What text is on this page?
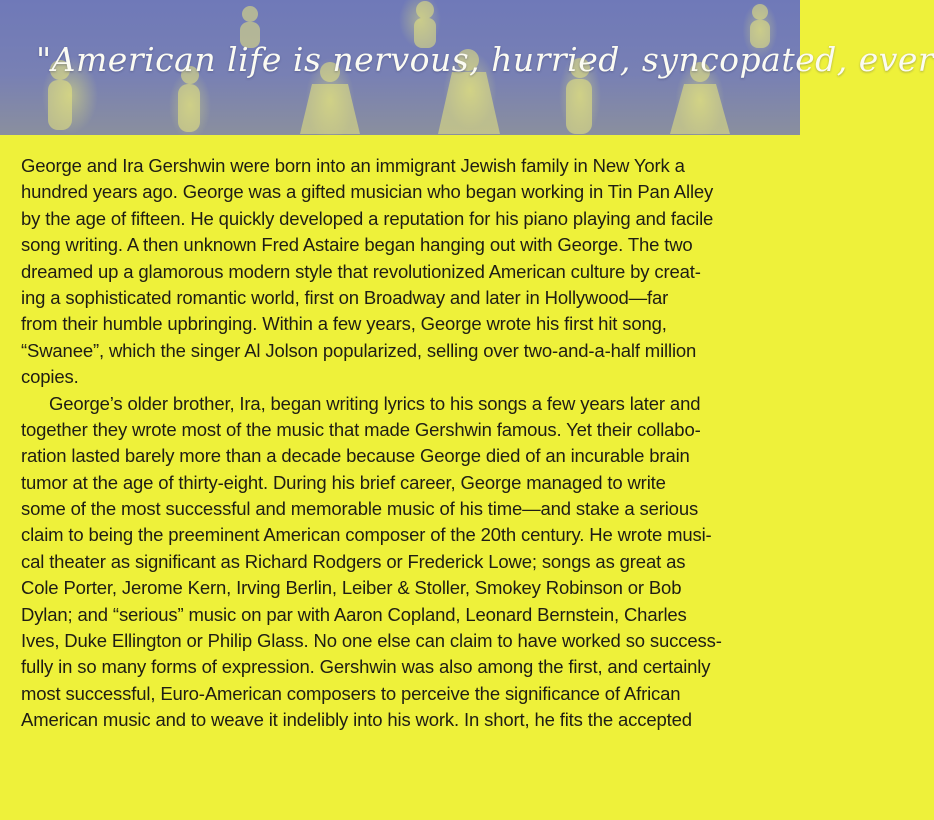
"American life is nervous, hurried, syncopated, ever
George and Ira Gershwin were born into an immigrant Jewish family in New York a
hundred years ago. George was a gifted musician who began working in Tin Pan Alley
by the age of fifteen. He quickly developed a reputation for his piano playing and facile
song writing. A then unknown Fred Astaire began hanging out with George. The two
dreamed up a glamorous modern style that revolutionized American culture by creat-
ing a sophisticated romantic world, first on Broadway and later in Hollywood—far
from their humble upbringing. Within a few years, George wrote his first hit song,
“Swanee”, which the singer Al Jolson popularized, selling over two-and-a-half million
copies.
George’s older brother, Ira, began writing lyrics to his songs a few years later and
together they wrote most of the music that made Gershwin famous. Yet their collabo-
ration lasted barely more than a decade because George died of an incurable brain
tumor at the age of thirty-eight. During his brief career, George managed to write
some of the most successful and memorable music of his time—and stake a serious
claim to being the preeminent American composer of the 20th century. He wrote musi-
cal theater as significant as Richard Rodgers or Frederick Lowe; songs as great as
Cole Porter, Jerome Kern, Irving Berlin, Leiber & Stoller, Smokey Robinson or Bob
Dylan; and “serious” music on par with Aaron Copland, Leonard Bernstein, Charles
Ives, Duke Ellington or Philip Glass. No one else can claim to have worked so success-
fully in so many forms of expression. Gershwin was also among the first, and certainly
most successful, Euro-American composers to perceive the significance of African
American music and to weave it indelibly into his work. In short, he fits the accepted
